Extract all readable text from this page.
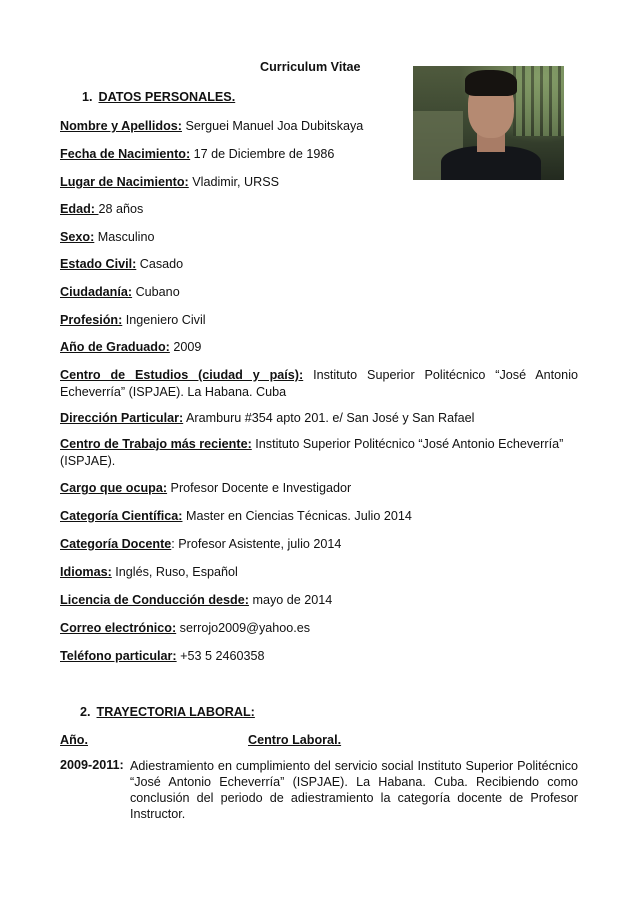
Curriculum Vitae
1. DATOS PERSONALES.
Nombre y Apellidos: Serguei Manuel Joa Dubitskaya
Fecha de Nacimiento: 17 de Diciembre de 1986
Lugar de Nacimiento: Vladimir, URSS
Edad: 28 años
Sexo: Masculino
Estado Civil: Casado
Ciudadanía: Cubano
Profesión: Ingeniero Civil
Año de Graduado: 2009
Centro de Estudios (ciudad y país): Instituto Superior Politécnico “José Antonio Echeverría” (ISPJAE). La Habana. Cuba
Dirección Particular: Aramburu #354 apto 201. e/ San José y San Rafael
Centro de Trabajo más reciente: Instituto Superior Politécnico “José Antonio Echeverría” (ISPJAE).
Cargo que ocupa: Profesor Docente e Investigador
Categoría Científica: Master en Ciencias Técnicas. Julio 2014
Categoría Docente: Profesor Asistente, julio 2014
Idiomas: Inglés, Ruso, Español
Licencia de Conducción desde: mayo de 2014
Correo electrónico: serrojo2009@yahoo.es
Teléfono particular: +53 5 2460358
2. TRAYECTORIA LABORAL:
Año.	Centro Laboral.
2009-2011: Adiestramiento en cumplimiento del servicio social Instituto Superior Politécnico “José Antonio Echeverría” (ISPJAE). La Habana. Cuba. Recibiendo como conclusión del periodo de adiestramiento la categoría docente de Profesor Instructor.
